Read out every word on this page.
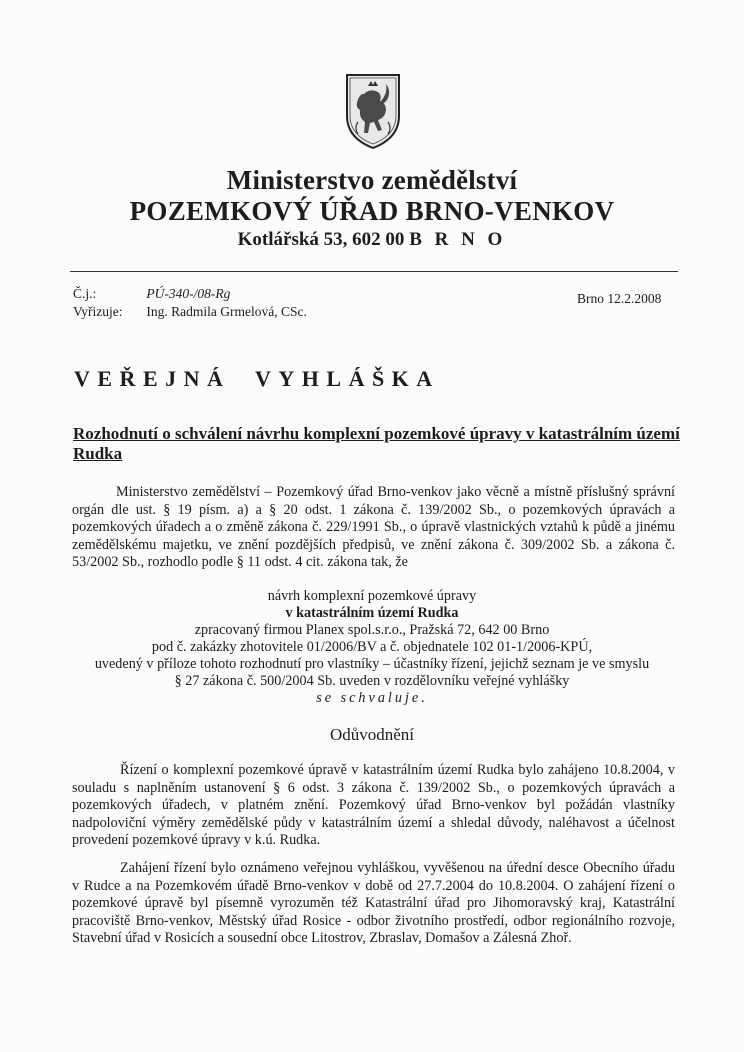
Ministerstvo zemědělství
POZEMKOVÝ ÚŘAD BRNO-VENKOV
Kotlářská 53, 602 00 B R N O
Č.j.:	PÚ-340-/08-Rg
Vyřizuje: Ing. Radmila Grmelová, CSc.
Brno 12.2.2008
VEŘEJNÁ VYHLÁŠKA
Rozhodnutí o schválení návrhu komplexní pozemkové úpravy v katastrálním území Rudka
Ministerstvo zemědělství – Pozemkový úřad Brno-venkov jako věcně a místně příslušný správní orgán dle ust. § 19 písm. a) a § 20 odst. 1 zákona č. 139/2002 Sb., o pozemkových úpravách a pozemkových úřadech a o změně zákona č. 229/1991 Sb., o úpravě vlastnických vztahů k půdě a jinému zemědělskému majetku, ve znění pozdějších předpisů, ve znění zákona č. 309/2002 Sb. a zákona č. 53/2002 Sb., rozhodlo podle § 11 odst. 4 cit. zákona tak, že
návrh komplexní pozemkové úpravy
v katastrálním území Rudka
zpracovaný firmou Planex spol.s.r.o., Pražská 72, 642 00 Brno
pod č. zakázky zhotovitele 01/2006/BV a č. objednatele 102 01-1/2006-KPÚ,
uvedený v příloze tohoto rozhodnutí pro vlastníky – účastníky řízení, jejichž seznam je ve smyslu
§ 27 zákona č. 500/2004 Sb. uveden v rozdělovníku veřejné vyhlášky
se schvaluje.
Odůvodnění
Řízení o komplexní pozemkové úpravě v katastrálním území Rudka bylo zahájeno 10.8.2004, v souladu s naplněním ustanovení § 6 odst. 3 zákona č. 139/2002 Sb., o pozemkových úpravách a pozemkových úřadech, v platném znění. Pozemkový úřad Brno-venkov byl požádán vlastníky nadpoloviční výměry zemědělské půdy v katastrálním území a shledal důvody, naléhavost a účelnost provedení pozemkové úpravy v k.ú. Rudka.
Zahájení řízení bylo oznámeno veřejnou vyhláškou, vyvěšenou na úřední desce Obecního úřadu v Rudce a na Pozemkovém úřadě Brno-venkov v době od 27.7.2004 do 10.8.2004. O zahájení řízení o pozemkové úpravě byl písemně vyrozuměn též Katastrální úřad pro Jihomoravský kraj, Katastrální pracoviště Brno-venkov, Městský úřad Rosice - odbor životního prostředí, odbor regionálního rozvoje, Stavební úřad v Rosicích a sousední obce Litostrov, Zbraslav, Domašov a Zálesná Zhoř.
